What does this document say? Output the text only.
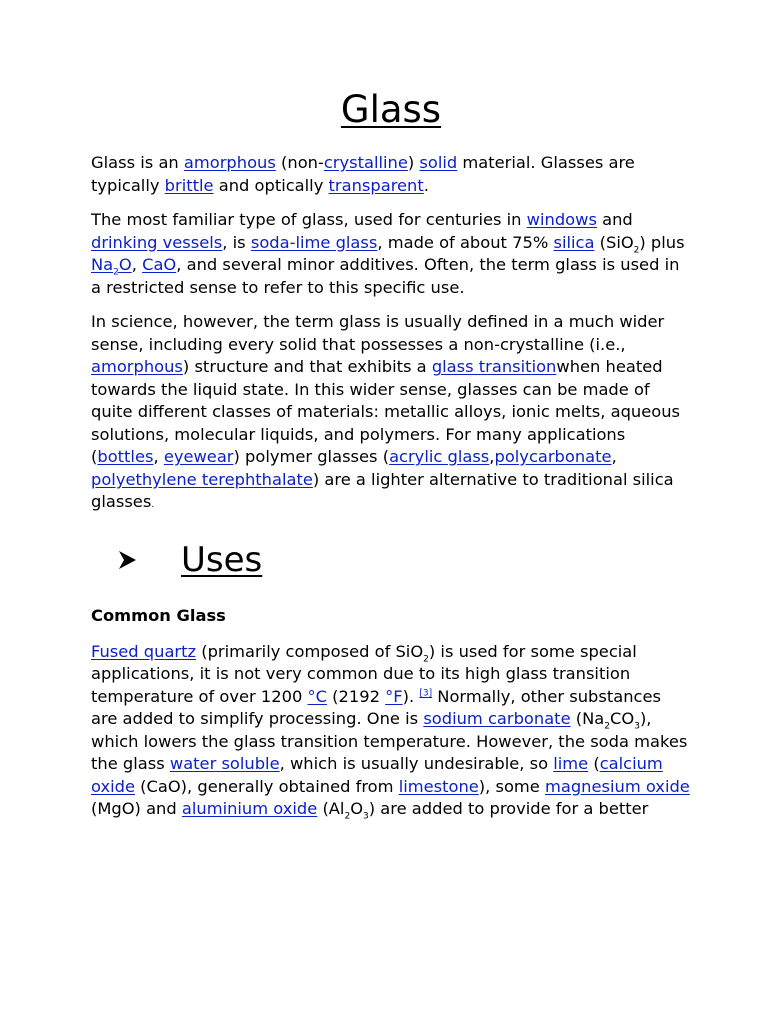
Glass

Glass is an amorphous (non-crystalline) solid material. Glasses are typically brittle and optically transparent.

The most familiar type of glass, used for centuries in windows and drinking vessels, is soda-lime glass, made of about 75% silica (SiO$_2$) plus $Na_2O$, CaO, and several minor additives. Often, the term glass is used in a restricted sense to refer to this specific use.

In science, however, the term glass is usually defined in a much wider sense, including every solid that possesses a non-crystalline (i.e., amorphous) structure and that exhibits a glass transitionwhen heated towards the liquid state. In this wider sense, glasses can be made of quite different classes of materials: metallic alloys, ionic melts, aqueous solutions, molecular liquids, and polymers. For many applications (bottles, eyewear) polymer glasses (acrylic glass,polycarbonate, polyethylene terephthalate) are a lighter alternative to traditional silica glasses.

Uses
Common Glass

Fused quartz (primarily composed of SiO$_2$) is used for some special applications, it is not very common due to its high glass transition temperature of over 1200 °C (2192 °F). [3] Normally, other substances are added to simplify processing. One is sodium carbonate $(Na_2CO_3)$, which lowers the glass transition temperature. However, the soda makes the glass water soluble, which is usually undesirable, so lime (calcium oxide (CaO), generally obtained from limestone), some magnesium oxide (MgO) and aluminium oxide $(Al_2O_3)$ are added to provide for a better
